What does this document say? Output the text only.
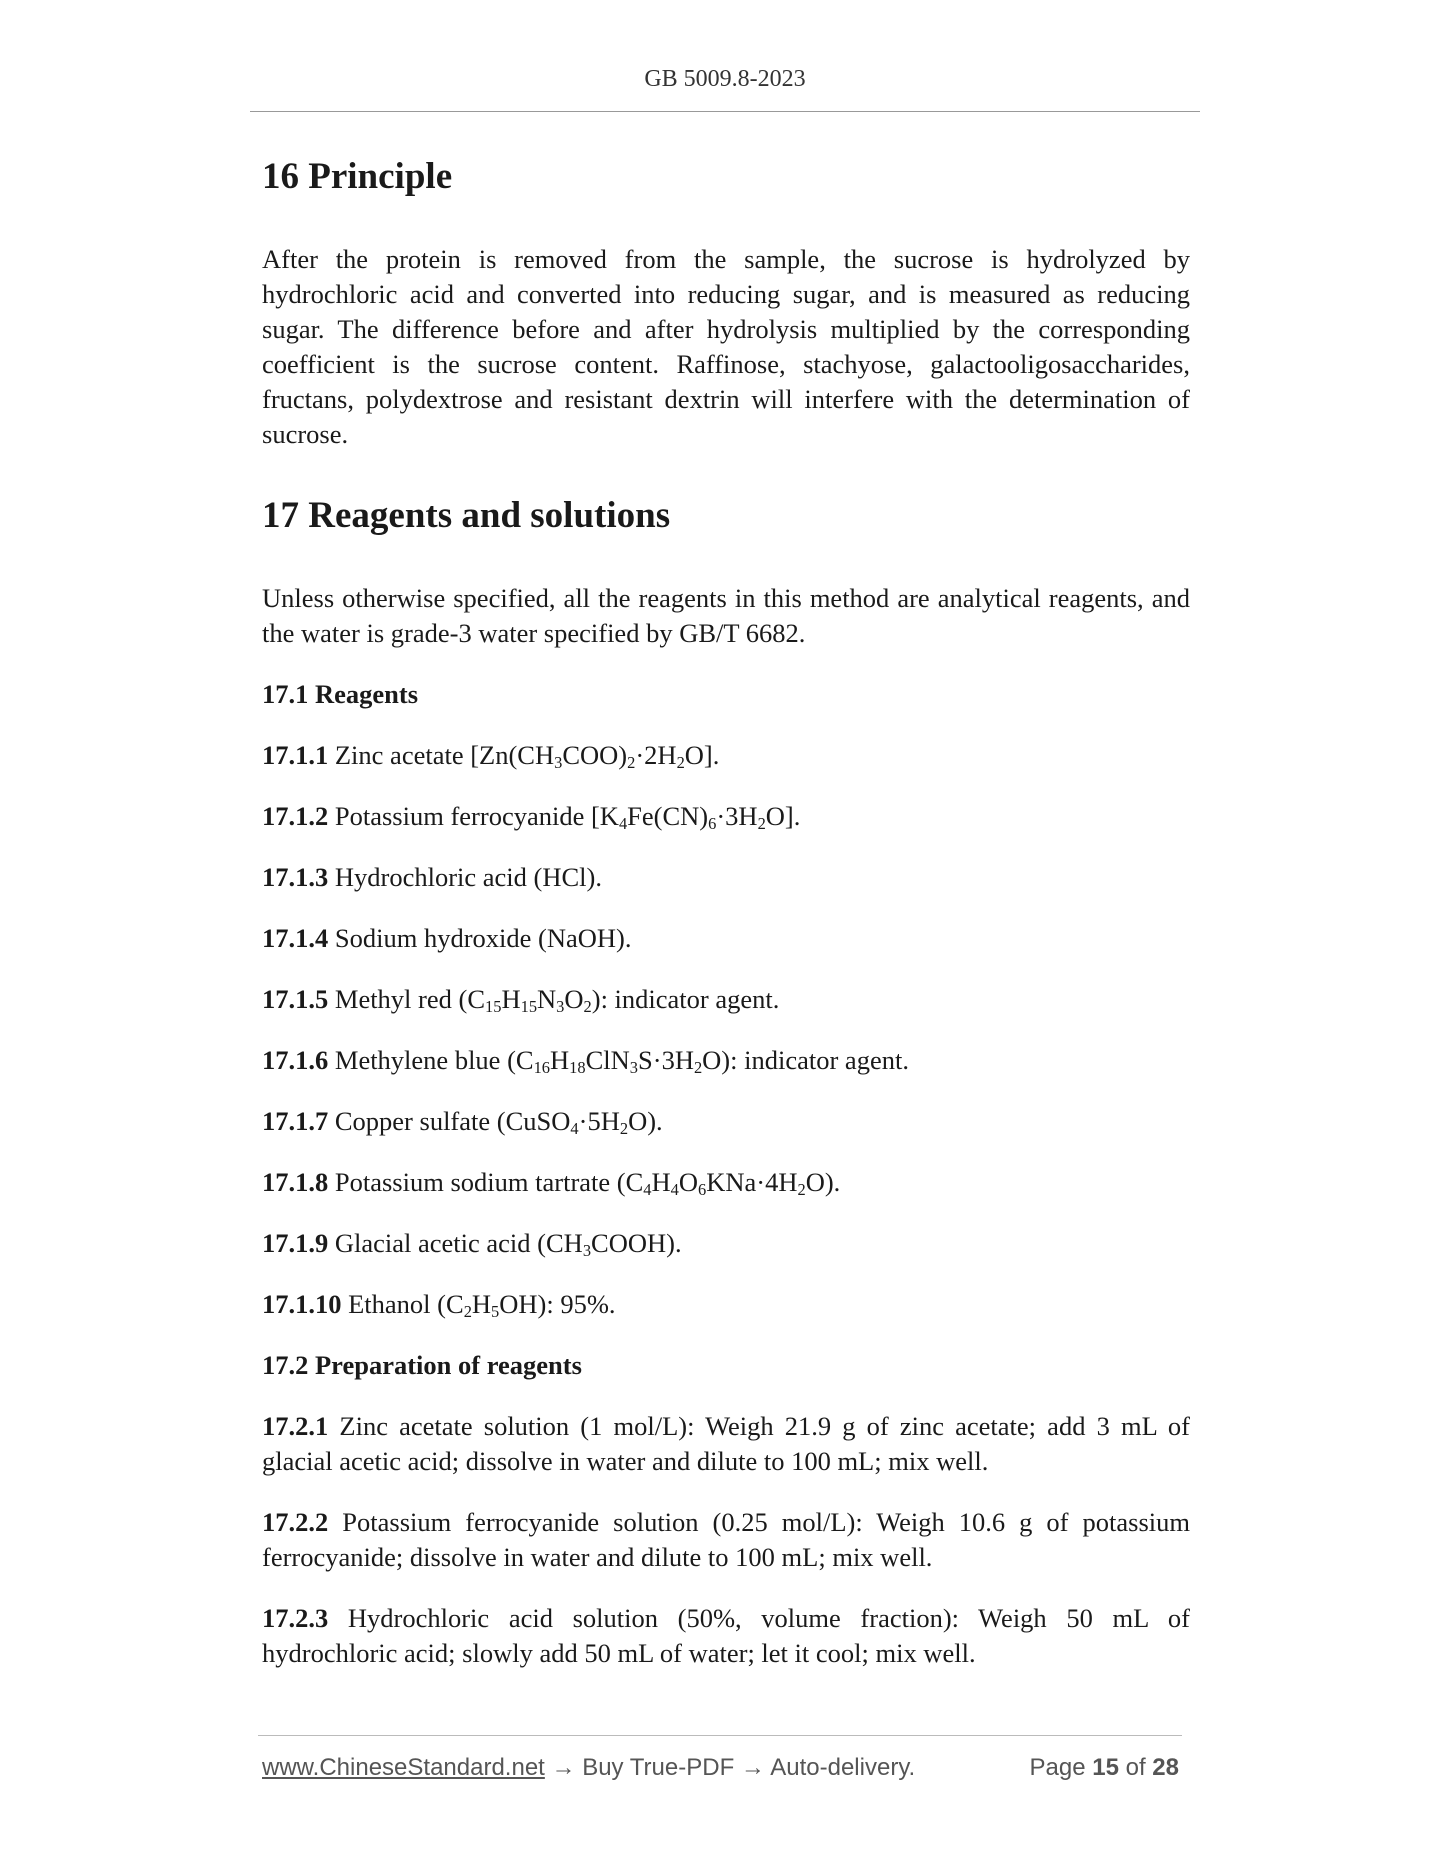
GB 5009.8-2023
16 Principle

After the protein is removed from the sample, the sucrose is hydrolyzed by hydrochloric acid and converted into reducing sugar, and is measured as reducing sugar. The difference before and after hydrolysis multiplied by the corresponding coefficient is the sucrose content. Raffinose, stachyose, galactooligosaccharides, fructans, polydextrose and resistant dextrin will interfere with the determination of sucrose.

17 Reagents and solutions

Unless otherwise specified, all the reagents in this method are analytical reagents, and the water is grade-3 water specified by GB/T 6682.

17.1 Reagents

17.1.1 Zinc acetate $[Zn(CH_3COO)_2\cdot 2H_2O]$.

17.1.2 Potassium ferrocyanide $[K_4Fe(CN)_6\cdot 3H_2O]$.

17.1.3 Hydrochloric acid (HCl).

17.1.4 Sodium hydroxide (NaOH).

17.1.5 Methyl red $(C_{15}H_{15}N_3O_2)$: indicator agent.

17.1.6 Methylene blue $(C_{16}H_{18}ClN_3S\cdot 3H_2O)$: indicator agent.

17.1.7 Copper sulfate $(CuSO_4\cdot 5H_2O)$.

17.1.8 Potassium sodium tartrate $(C_4H_4O_6KNa\cdot 4H_2O)$.

17.1.9 Glacial acetic acid $(CH_3COOH)$.

17.1.10 Ethanol $(C_2H_5OH)$: 95%.

17.2 Preparation of reagents

17.2.1 Zinc acetate solution (1 mol/L): Weigh 21.9 g of zinc acetate; add 3 mL of glacial acetic acid; dissolve in water and dilute to 100 mL; mix well.

17.2.2 Potassium ferrocyanide solution (0.25 mol/L): Weigh 10.6 g of potassium ferrocyanide; dissolve in water and dilute to 100 mL; mix well.

17.2.3 Hydrochloric acid solution (50%, volume fraction): Weigh 50 mL of hydrochloric acid; slowly add 50 mL of water; let it cool; mix well.

www.ChineseStandard.net → Buy True-PDF → Auto-delivery.	Page 15 of 28
